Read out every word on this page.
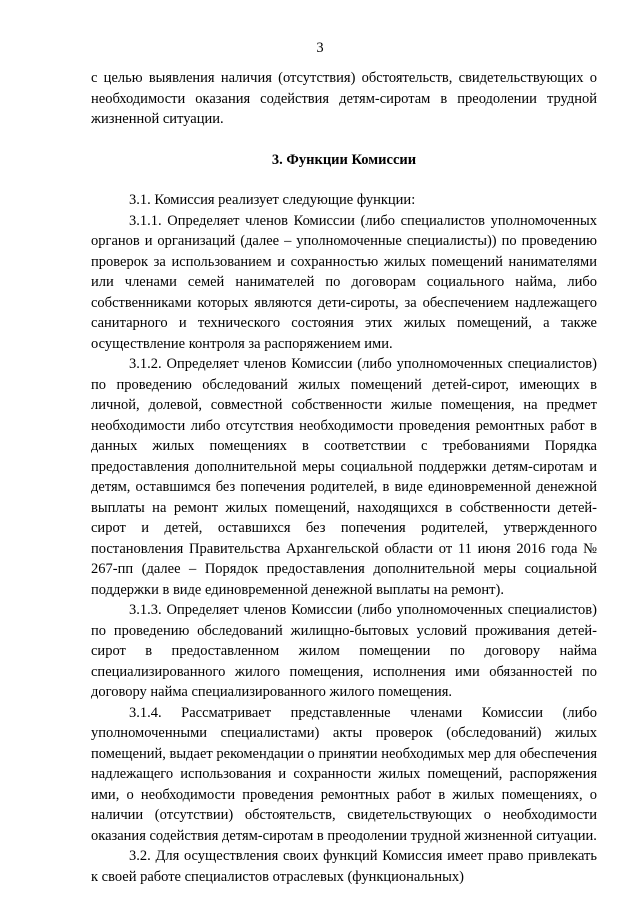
3

с целью выявления наличия (отсутствия) обстоятельств, свидетельствующих о необходимости оказания содействия детям-сиротам в преодолении трудной жизненной ситуации.

3. Функции Комиссии

3.1. Комиссия реализует следующие функции:

3.1.1. Определяет членов Комиссии (либо специалистов уполномоченных органов и организаций (далее – уполномоченные специалисты)) по проведению проверок за использованием и сохранностью жилых помещений нанимателями или членами семей нанимателей по договорам социального найма, либо собственниками которых являются дети-сироты, за обеспечением надлежащего санитарного и технического состояния этих жилых помещений, а также осуществление контроля за распоряжением ими.

3.1.2. Определяет членов Комиссии (либо уполномоченных специалистов) по проведению обследований жилых помещений детей-сирот, имеющих в личной, долевой, совместной собственности жилые помещения, на предмет необходимости либо отсутствия необходимости проведения ремонтных работ в данных жилых помещениях в соответствии с требованиями Порядка предоставления дополнительной меры социальной поддержки детям-сиротам и детям, оставшимся без попечения родителей, в виде единовременной денежной выплаты на ремонт жилых помещений, находящихся в собственности детей-сирот и детей, оставшихся без попечения родителей, утвержденного постановления Правительства Архангельской области от 11 июня 2016 года № 267-пп (далее – Порядок предоставления дополнительной меры социальной поддержки в виде единовременной денежной выплаты на ремонт).

3.1.3. Определяет членов Комиссии (либо уполномоченных специалистов) по проведению обследований жилищно-бытовых условий проживания детей-сирот в предоставленном жилом помещении по договору найма специализированного жилого помещения, исполнения ими обязанностей по договору найма специализированного жилого помещения.

3.1.4. Рассматривает представленные членами Комиссии (либо уполномоченными специалистами) акты проверок (обследований) жилых помещений, выдает рекомендации о принятии необходимых мер для обеспечения надлежащего использования и сохранности жилых помещений, распоряжения ими, о необходимости проведения ремонтных работ в жилых помещениях, о наличии (отсутствии) обстоятельств, свидетельствующих о необходимости оказания содействия детям-сиротам в преодолении трудной жизненной ситуации.

3.2. Для осуществления своих функций Комиссия имеет право привлекать к своей работе специалистов отраслевых (функциональных)
